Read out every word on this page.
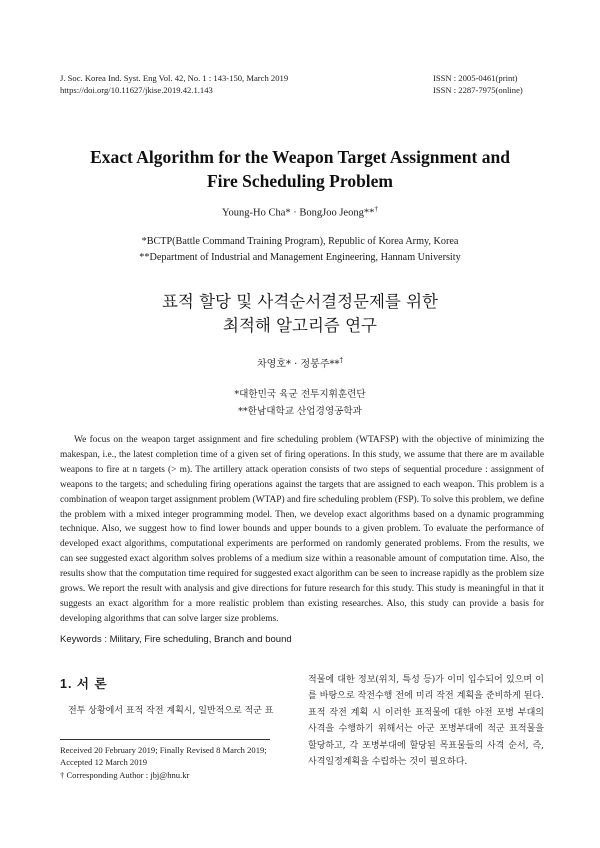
J. Soc. Korea Ind. Syst. Eng Vol. 42, No. 1 : 143-150, March 2019
https://doi.org/10.11627/jkise.2019.42.1.143
ISSN : 2005-0461(print)
ISSN : 2287-7975(online)
Exact Algorithm for the Weapon Target Assignment and
Fire Scheduling Problem
Young-Ho Cha* · BongJoo Jeong**†
*BCTP(Battle Command Training Program), Republic of Korea Army, Korea
**Department of Industrial and Management Engineering, Hannam University
표적 할당 및 사격순서결정문제를 위한
최적해 알고리즘 연구
차영호* · 정봉주**†
*대한민국 육군 전투지휘훈련단
**한남대학교 산업경영공학과

We focus on the weapon target assignment and fire scheduling problem (WTAFSP) with the objective of minimizing the makespan, i.e., the latest completion time of a given set of firing operations. In this study, we assume that there are m available weapons to fire at n targets (> m). The artillery attack operation consists of two steps of sequential procedure : assignment of weapons to the targets; and scheduling firing operations against the targets that are assigned to each weapon. This problem is a combination of weapon target assignment problem (WTAP) and fire scheduling problem (FSP). To solve this problem, we define the problem with a mixed integer programming model. Then, we develop exact algorithms based on a dynamic programming technique. Also, we suggest how to find lower bounds and upper bounds to a given problem. To evaluate the performance of developed exact algorithms, computational experiments are performed on randomly generated problems. From the results, we can see suggested exact algorithm solves problems of a medium size within a reasonable amount of computation time. Also, the results show that the computation time required for suggested exact algorithm can be seen to increase rapidly as the problem size grows. We report the result with analysis and give directions for future research for this study. This study is meaningful in that it suggests an exact algorithm for a more realistic problem than existing researches. Also, this study can provide a basis for developing algorithms that can solve larger size problems.

Keywords : Military, Fire scheduling, Branch and bound
1. 서 론
전투 상황에서 표적 작전 계획시, 일반적으로 적군 표
적물에 대한 정보(위치, 특성 등)가 이미 입수되어 있으며 이를 바탕으로 작전수행 전에 미리 작전 계획을 준비하게 된다. 표적 작전 계획 시 이러한 표적물에 대한 야전 포병 부대의 사격을 수행하기 위해서는 아군 포병부대에 적군 표적물을 할당하고, 각 포병부대에 할당된 목표물들의 사격 순서, 즉, 사격일정계획을 수립하는 것이 필요하다.
Received 20 February 2019; Finally Revised 8 March 2019;
Accepted 12 March 2019
† Corresponding Author : jbj@hnu.kr
